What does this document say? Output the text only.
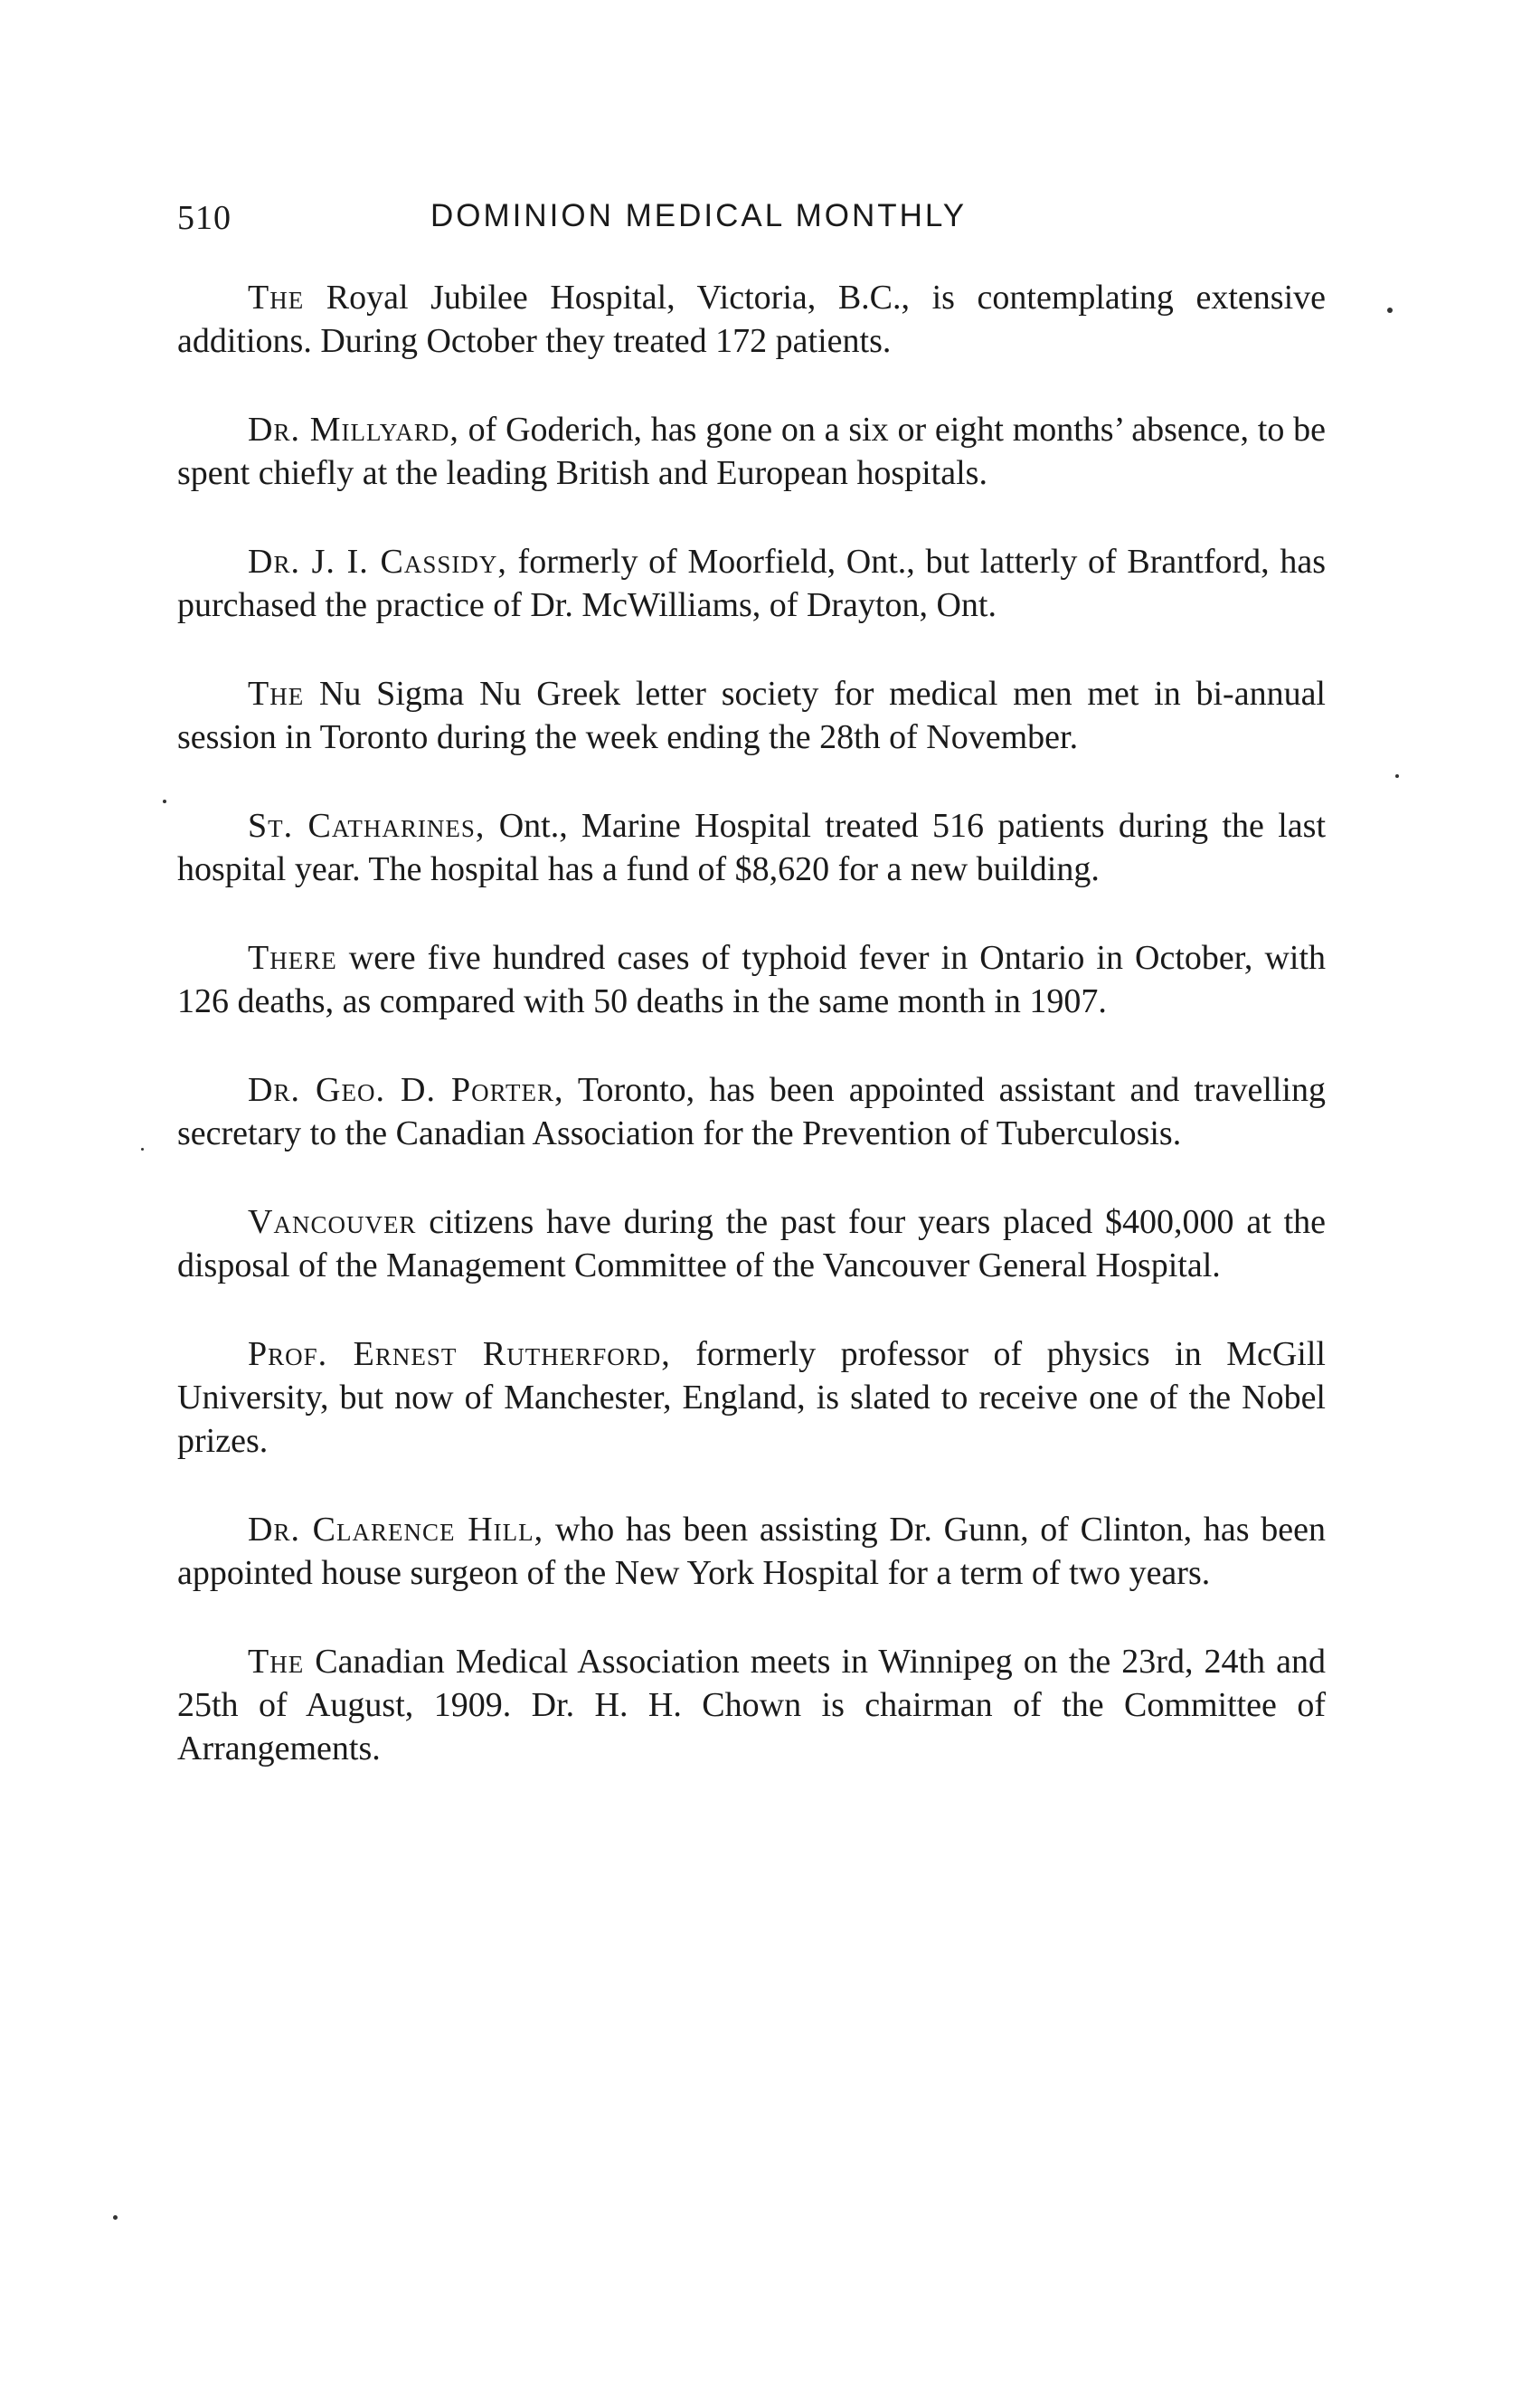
510	DOMINION MEDICAL MONTHLY

The Royal Jubilee Hospital, Victoria, B.C., is contemplating extensive additions. During October they treated 172 patients.

Dr. Millyard, of Goderich, has gone on a six or eight months’ absence, to be spent chiefly at the leading British and European hospitals.

Dr. J. I. Cassidy, formerly of Moorfield, Ont., but latterly of Brantford, has purchased the practice of Dr. McWilliams, of Drayton, Ont.

The Nu Sigma Nu Greek letter society for medical men met in bi-annual session in Toronto during the week ending the 28th of November.

St. Catharines, Ont., Marine Hospital treated 516 patients during the last hospital year. The hospital has a fund of $8,620 for a new building.

There were five hundred cases of typhoid fever in Ontario in October, with 126 deaths, as compared with 50 deaths in the same month in 1907.

Dr. Geo. D. Porter, Toronto, has been appointed assistant and travelling secretary to the Canadian Association for the Prevention of Tuberculosis.

Vancouver citizens have during the past four years placed $400,000 at the disposal of the Management Committee of the Vancouver General Hospital.

Prof. Ernest Rutherford, formerly professor of physics in McGill University, but now of Manchester, England, is slated to receive one of the Nobel prizes.

Dr. Clarence Hill, who has been assisting Dr. Gunn, of Clinton, has been appointed house surgeon of the New York Hospital for a term of two years.

The Canadian Medical Association meets in Winnipeg on the 23rd, 24th and 25th of August, 1909. Dr. H. H. Chown is chairman of the Committee of Arrangements.
